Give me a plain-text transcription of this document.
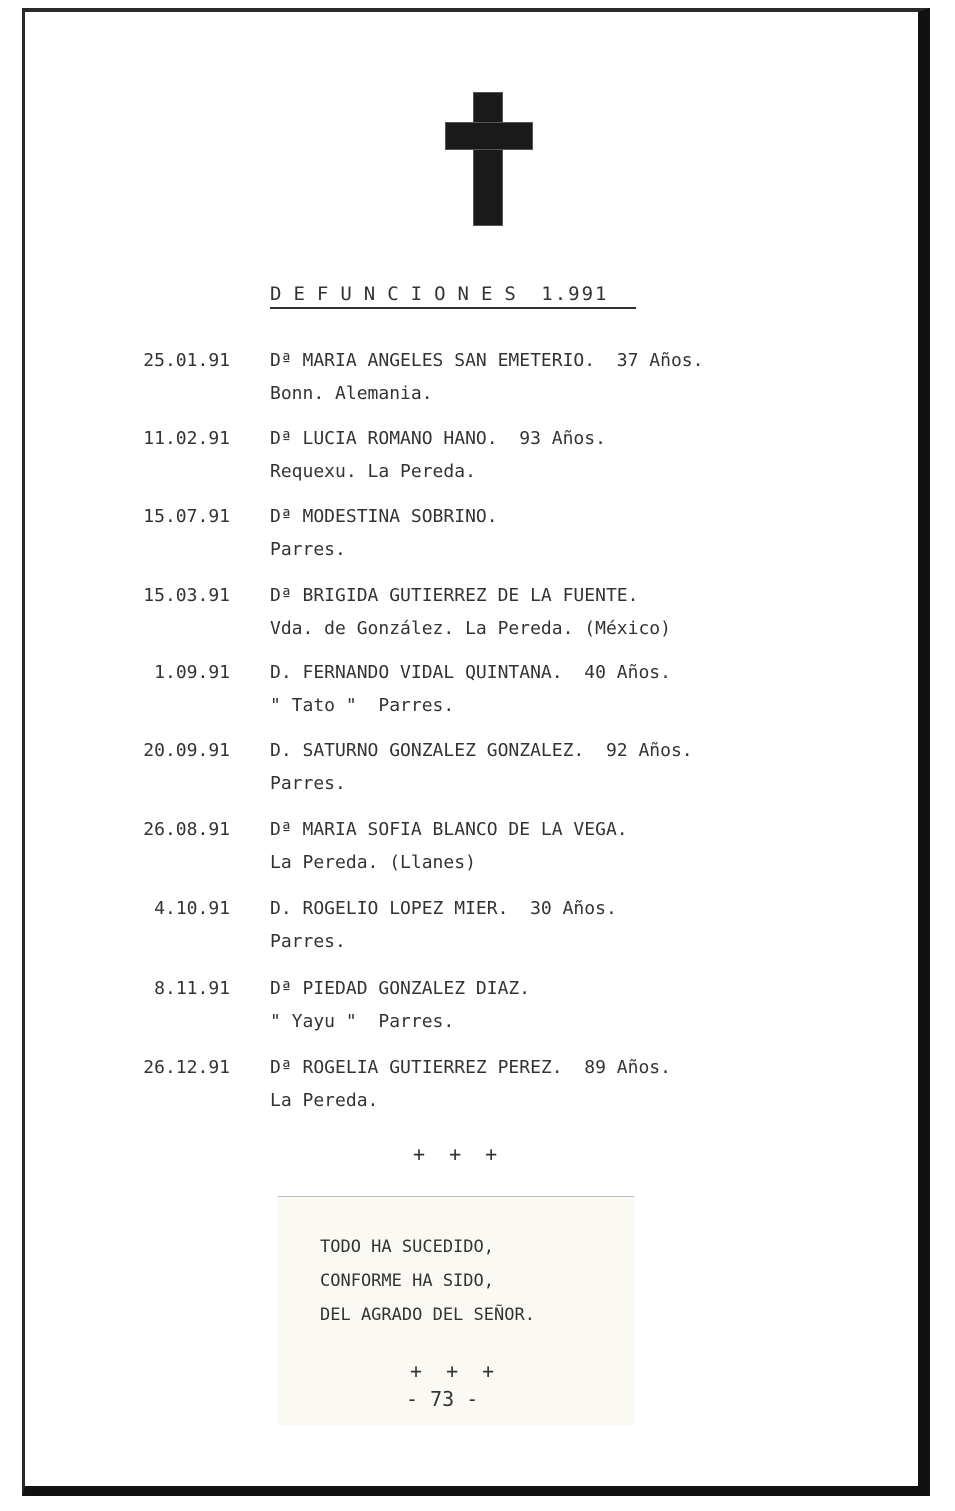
DEFUNCIONES 1.991
25.01.91 Dª MARIA ANGELES SAN EMETERIO.  37 Años.
Bonn. Alemania.
11.02.91 Dª LUCIA ROMANO HANO.  93 Años.
Requexu. La Pereda.
15.07.91 Dª MODESTINA SOBRINO.
Parres.
15.03.91 Dª BRIGIDA GUTIERREZ DE LA FUENTE.
Vda. de González. La Pereda. (México)
1.09.91 D. FERNANDO VIDAL QUINTANA.  40 Años.
" Tato "  Parres.
20.09.91 D. SATURNO GONZALEZ GONZALEZ.  92 Años.
Parres.
26.08.91 Dª MARIA SOFIA BLANCO DE LA VEGA.
La Pereda. (Llanes)
4.10.91 D. ROGELIO LOPEZ MIER.  30 Años.
Parres.
8.11.91 Dª PIEDAD GONZALEZ DIAZ.
" Yayu "  Parres.
26.12.91 Dª ROGELIA GUTIERREZ PEREZ.  89 Años.
La Pereda.
+ + +
TODO HA SUCEDIDO,
CONFORME HA SIDO,
DEL AGRADO DEL SEÑOR.
+ + +
- 73 -
